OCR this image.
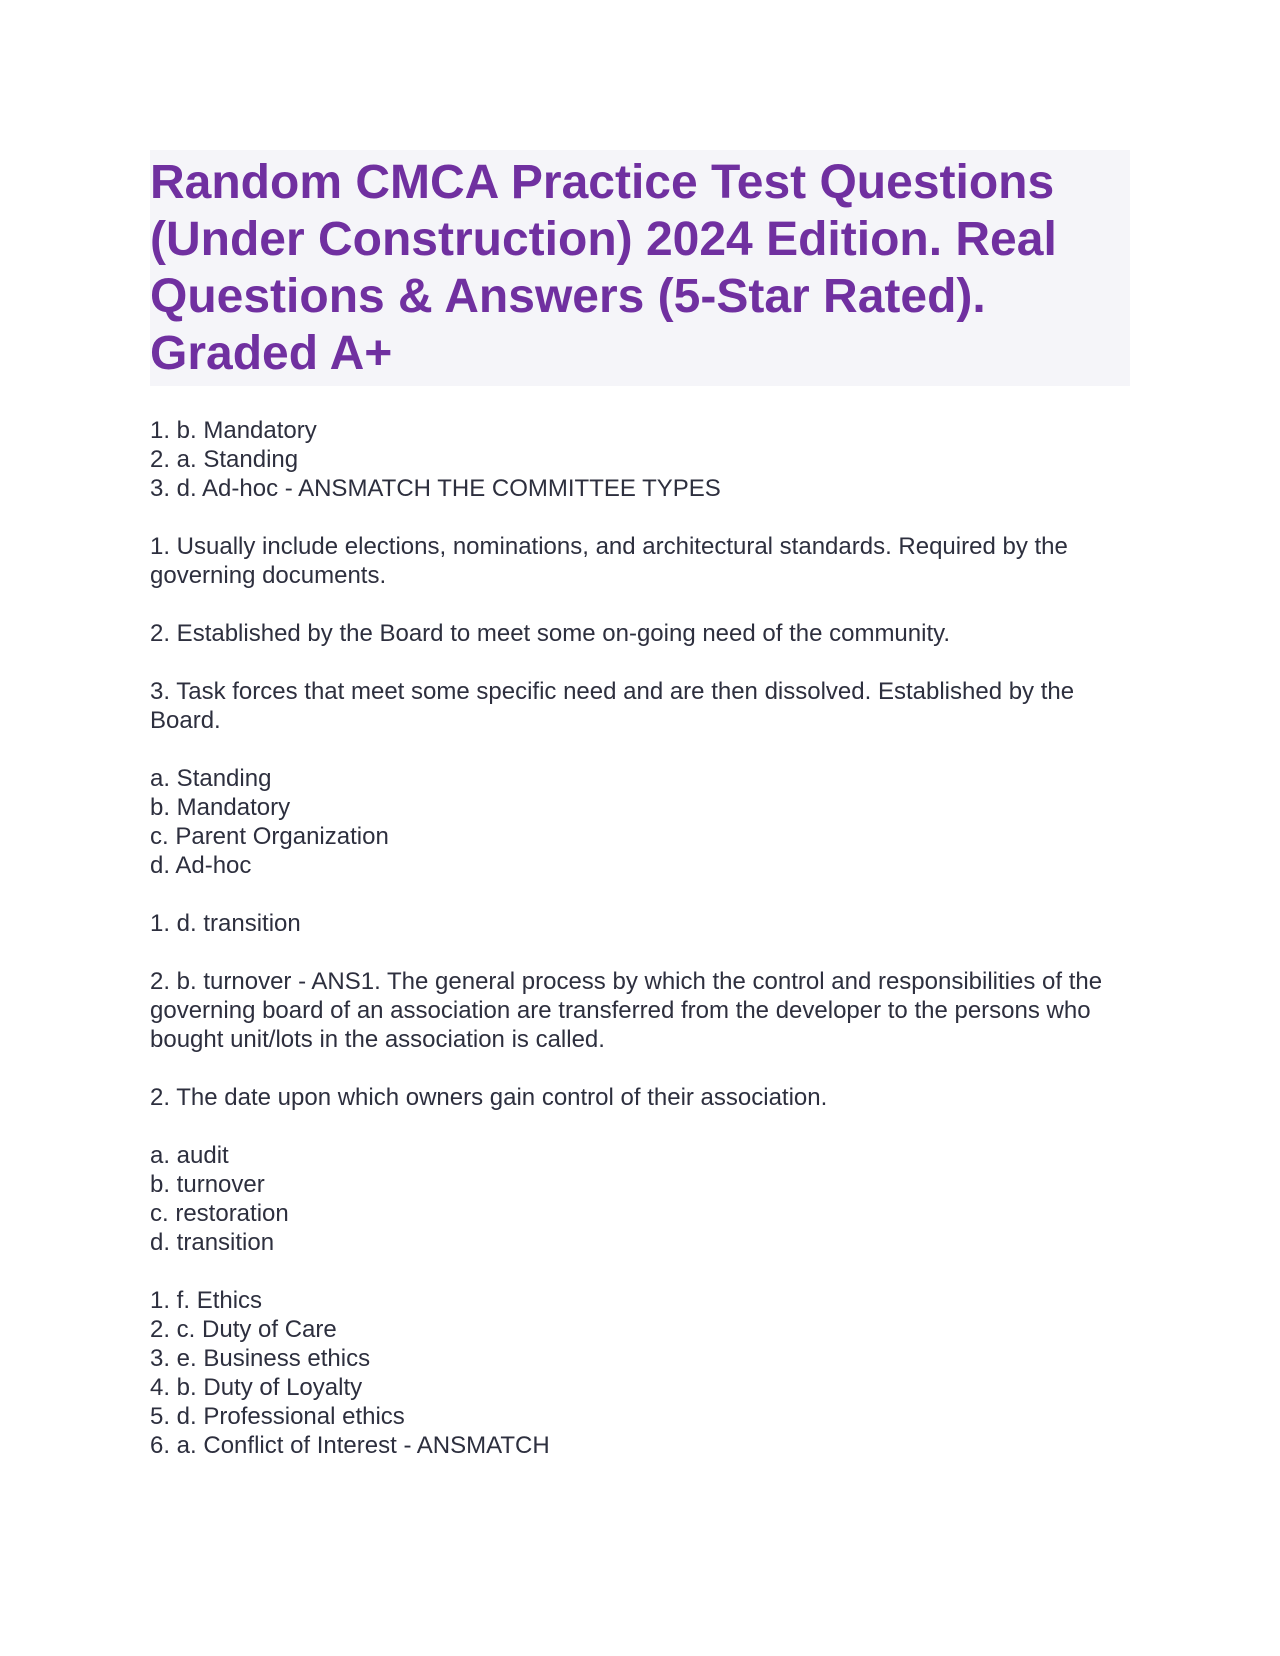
Random CMCA Practice Test Questions (Under Construction) 2024 Edition. Real Questions & Answers (5-Star Rated). Graded A+
1. b. Mandatory
2. a. Standing
3. d. Ad-hoc - ANSMATCH THE COMMITTEE TYPES
1. Usually include elections, nominations, and architectural standards. Required by the governing documents.
2. Established by the Board to meet some on-going need of the community.
3. Task forces that meet some specific need and are then dissolved. Established by the Board.
a. Standing
b. Mandatory
c. Parent Organization
d. Ad-hoc
1. d. transition
2. b. turnover - ANS1. The general process by which the control and responsibilities of the governing board of an association are transferred from the developer to the persons who bought unit/lots in the association is called.
2. The date upon which owners gain control of their association.
a. audit
b. turnover
c. restoration
d. transition
1. f. Ethics
2. c. Duty of Care
3. e. Business ethics
4. b. Duty of Loyalty
5. d. Professional ethics
6. a. Conflict of Interest - ANSMATCH
